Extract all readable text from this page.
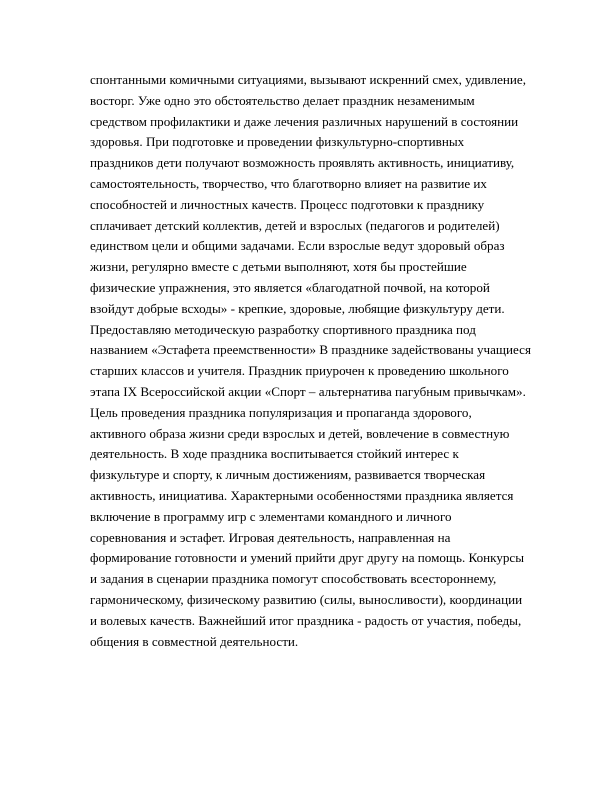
спонтанными комичными ситуациями, вызывают искренний смех, удивление,
восторг. Уже одно это обстоятельство делает праздник незаменимым
средством профилактики и даже лечения различных нарушений в состоянии
здоровья. При подготовке и проведении физкультурно-спортивных
праздников дети получают возможность проявлять активность, инициативу,
самостоятельность, творчество, что благотворно влияет на развитие их
способностей и личностных качеств. Процесс подготовки к празднику
сплачивает детский коллектив, детей и взрослых (педагогов и родителей)
единством цели и общими задачами. Если взрослые ведут здоровый образ
жизни, регулярно вместе с детьми выполняют, хотя бы простейшие
физические упражнения, это является «благодатной почвой, на которой
взойдут добрые всходы» - крепкие, здоровые, любящие физкультуру дети.
Предоставляю методическую разработку спортивного праздника под
названием «Эстафета преемственности» В празднике задействованы учащиеся
старших классов и учителя. Праздник приурочен к проведению школьного
этапа IX Всероссийской акции «Спорт – альтернатива пагубным привычкам».
Цель проведения праздника популяризация и пропаганда здорового,
активного образа жизни среди взрослых и детей, вовлечение в совместную
деятельность. В ходе праздника воспитывается стойкий интерес к
физкультуре и спорту, к личным достижениям, развивается творческая
активность, инициатива. Характерными особенностями праздника является
включение в программу игр с элементами командного и личного
соревнования и эстафет. Игровая деятельность, направленная на
формирование готовности и умений прийти друг другу на помощь. Конкурсы
и задания в сценарии праздника помогут способствовать всестороннему,
гармоническому, физическому развитию (силы, выносливости), координации
и волевых качеств. Важнейший итог праздника - радость от участия, победы,
общения в совместной деятельности.
